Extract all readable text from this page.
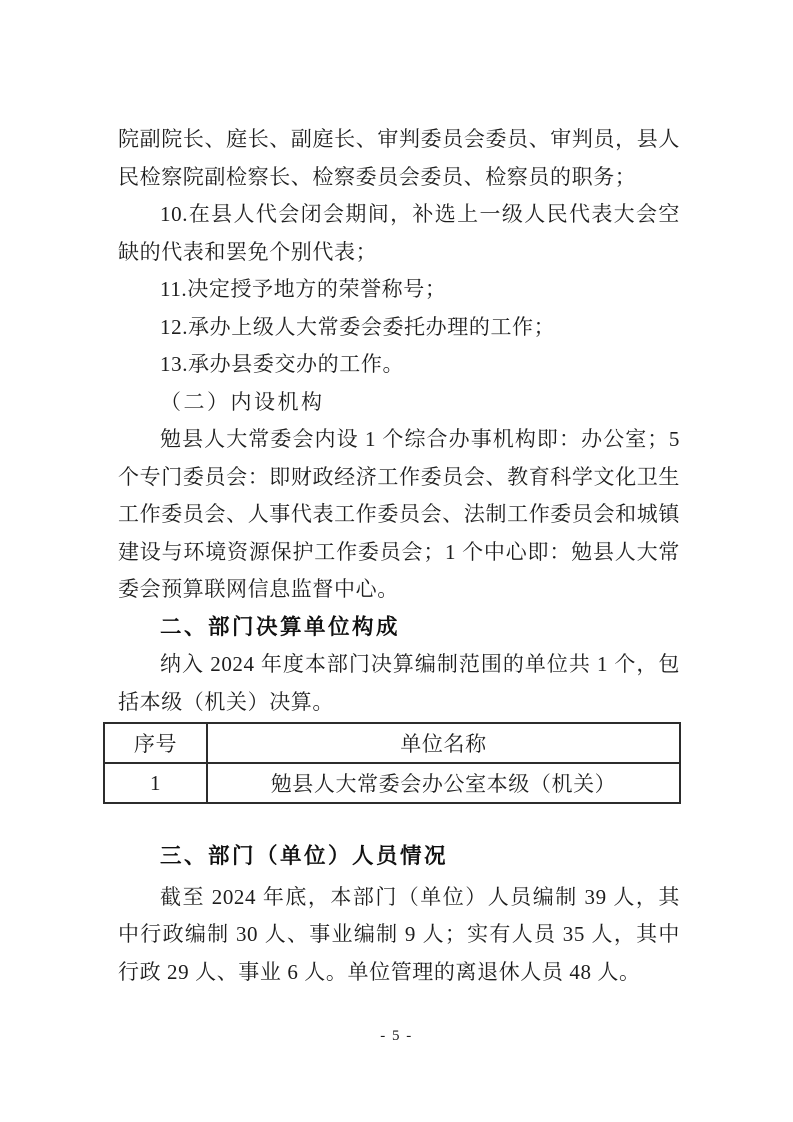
院副院长、庭长、副庭长、审判委员会委员、审判员，县人民检察院副检察长、检察委员会委员、检察员的职务；

10.在县人代会闭会期间，补选上一级人民代表大会空缺的代表和罢免个别代表；

11.决定授予地方的荣誉称号；

12.承办上级人大常委会委托办理的工作；

13.承办县委交办的工作。

（二）内设机构

勉县人大常委会内设 1 个综合办事机构即：办公室；5 个专门委员会：即财政经济工作委员会、教育科学文化卫生工作委员会、人事代表工作委员会、法制工作委员会和城镇建设与环境资源保护工作委员会；1 个中心即：勉县人大常委会预算联网信息监督中心。

二、部门决算单位构成

纳入 2024 年度本部门决算编制范围的单位共 1 个，包括本级（机关）决算。

序号	单位名称
1	勉县人大常委会办公室本级（机关）
三、部门（单位）人员情况

截至 2024 年底，本部门（单位）人员编制 39 人，其中行政编制 30 人、事业编制 9 人；实有人员 35 人，其中行政 29 人、事业 6 人。单位管理的离退休人员 48 人。

- 5 -
